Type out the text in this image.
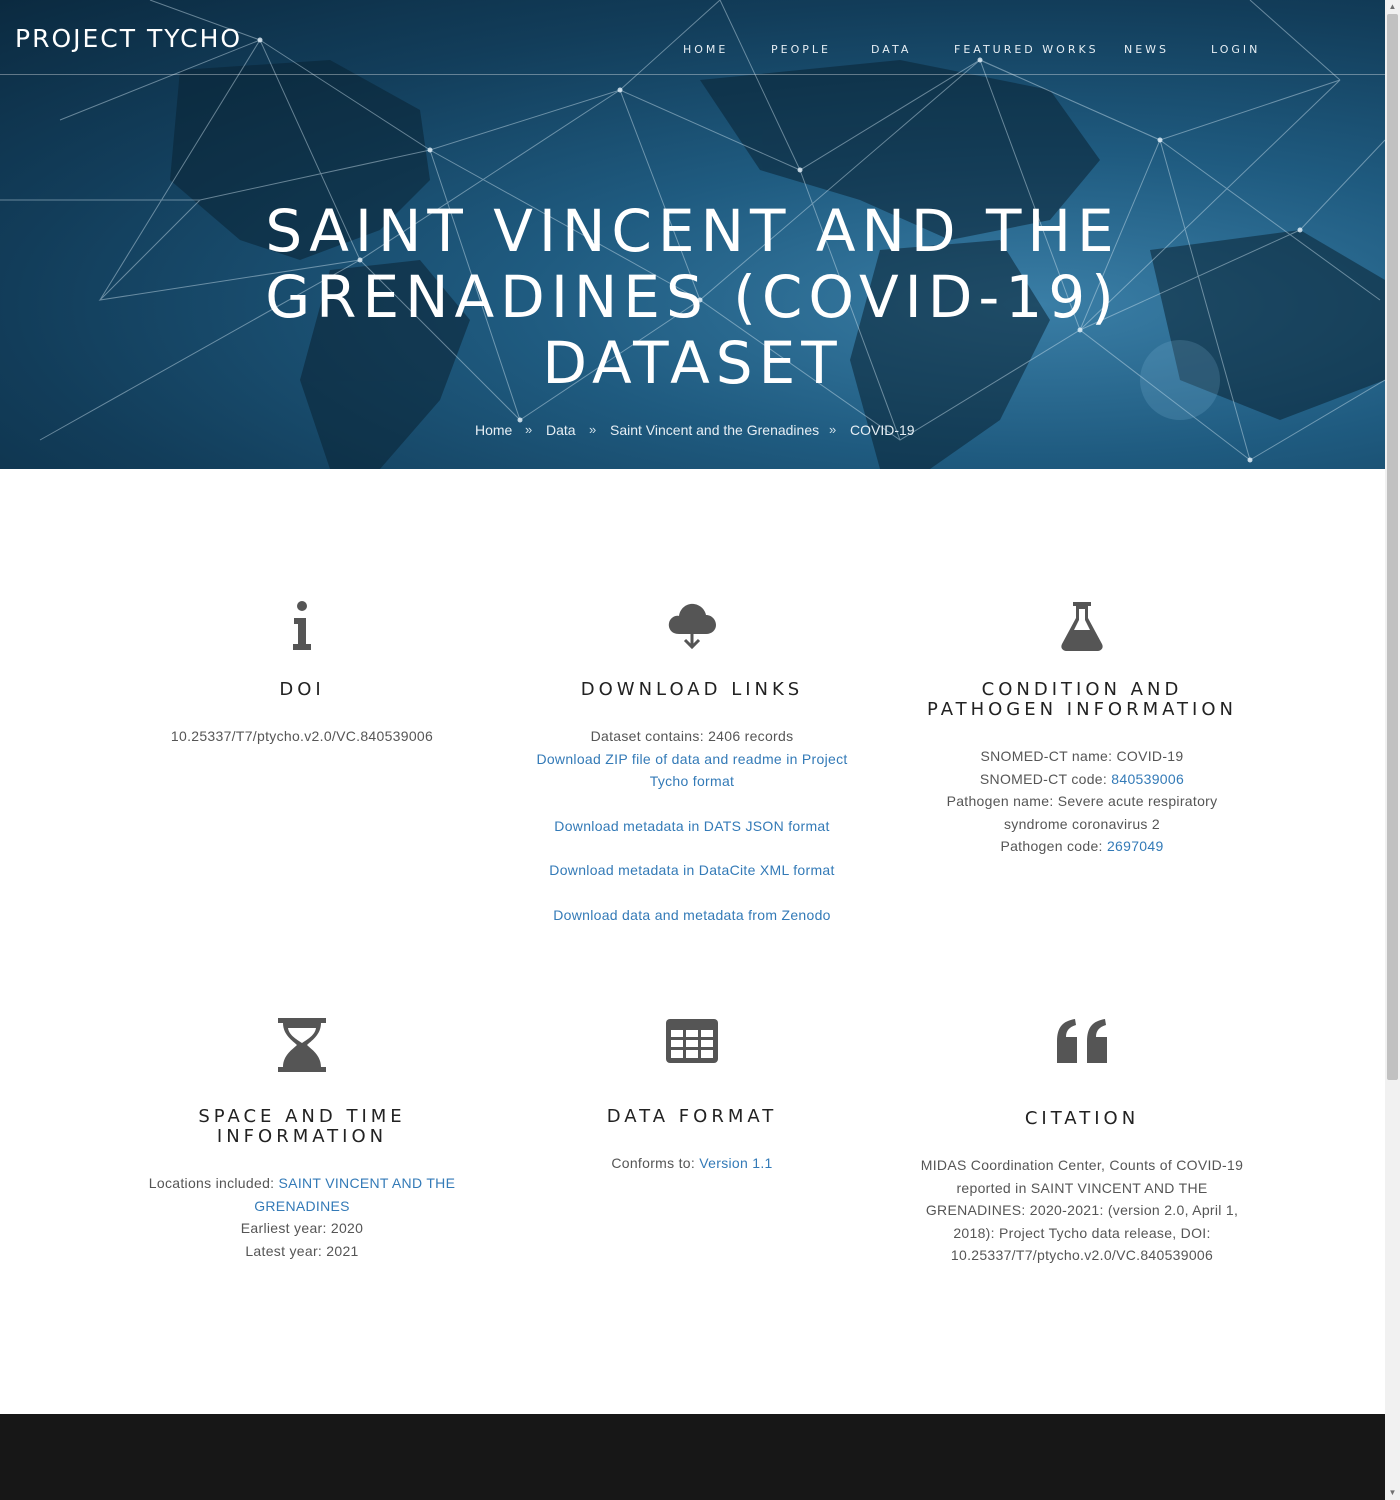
PROJECT TYCHO	HOME	PEOPLE	DATA	FEATURED WORKS NEWS	LOGIN
SAINT VINCENT AND THE
GRENADINES (COVID-19)
DATASET
Home » Data » Saint Vincent and the Grenadines » COVID-19
DOI

10.25337/T7/ptycho.v2.0/VC.840539006

DOWNLOAD LINKS

Dataset contains: 2406 records

Download ZIP file of data and readme in Project Tycho format

Download metadata in DATS JSON format

Download metadata in DataCite XML format

Download data and metadata from Zenodo

CONDITION AND PATHOGEN INFORMATION

SNOMED-CT name: COVID-19

SNOMED-CT code: 840539006

Pathogen name: Severe acute respiratory syndrome coronavirus 2

Pathogen code: 2697049

SPACE AND TIME INFORMATION

Locations included: SAINT VINCENT AND THE GRENADINES

Earliest year: 2020

Latest year: 2021

DATA FORMAT

Conforms to: Version 1.1

CITATION

MIDAS Coordination Center, Counts of COVID-19 reported in SAINT VINCENT AND THE GRENADINES: 2020-2021: (version 2.0, April 1, 2018): Project Tycho data release, DOI: 10.25337/T7/ptycho.v2.0/VC.840539006

▲
▼
